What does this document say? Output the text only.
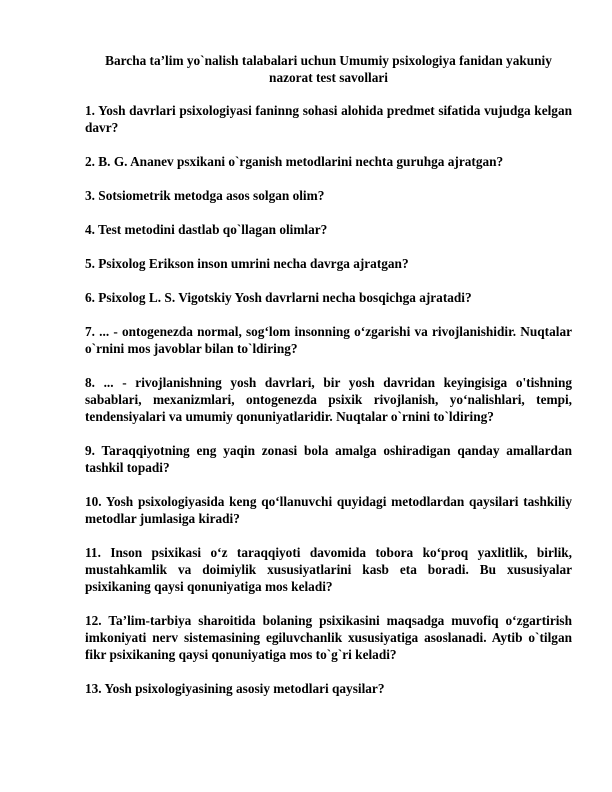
Barcha ta’lim yo`nalish talabalari uchun Umumiy psixologiya fanidan yakuniy nazorat test savollari
1. Yosh davrlari psixologiyasi faninng sohasi alohida predmet sifatida vujudga kelgan davr?
2. B. G. Ananev psxikani o`rganish metodlarini nechta guruhga ajratgan?
3. Sotsiometrik metodga asos solgan olim?
4. Test metodini dastlab qo`llagan olimlar?
5. Psixolog Erikson inson umrini necha davrga ajratgan?
6. Psixolog L. S. Vigotskiy Yosh davrlarni necha bosqichga ajratadi?
7. ... - ontogenezda normal, sog‘lom insonning o‘zgarishi va rivojlanishidir. Nuqtalar o`rnini mos javoblar bilan to`ldiring?
8. ... - rivojlanishning yosh davrlari, bir yosh davridan keyingisiga o'tishning sabablari, mexanizmlari, ontogenezda psixik rivojlanish, yo‘nalishlari, tempi, tendensiyalari va umumiy qonuniyatlaridir. Nuqtalar o`rnini to`ldiring?
9. Taraqqiyotning eng yaqin zonasi bola amalga oshiradigan qanday amallardan tashkil topadi?
10. Yosh psixologiyasida keng qo‘llanuvchi quyidagi metodlardan qaysilari tashkiliy metodlar jumlasiga kiradi?
11. Inson psixikasi o‘z taraqqiyoti davomida tobora ko‘proq yaxlitlik, birlik, mustahkamlik va doimiylik xususiyatlarini kasb eta boradi. Bu xususiyalar psixikaning qaysi qonuniyatiga mos keladi?
12. Ta’lim-tarbiya sharoitida bolaning psixikasini maqsadga muvofiq o‘zgartirish imkoniyati nerv sistemasining egiluvchanlik xususiyatiga asoslanadi. Aytib o`tilgan fikr psixikaning qaysi qonuniyatiga mos to`g`ri keladi?
13. Yosh psixologiyasining asosiy metodlari qaysilar?
